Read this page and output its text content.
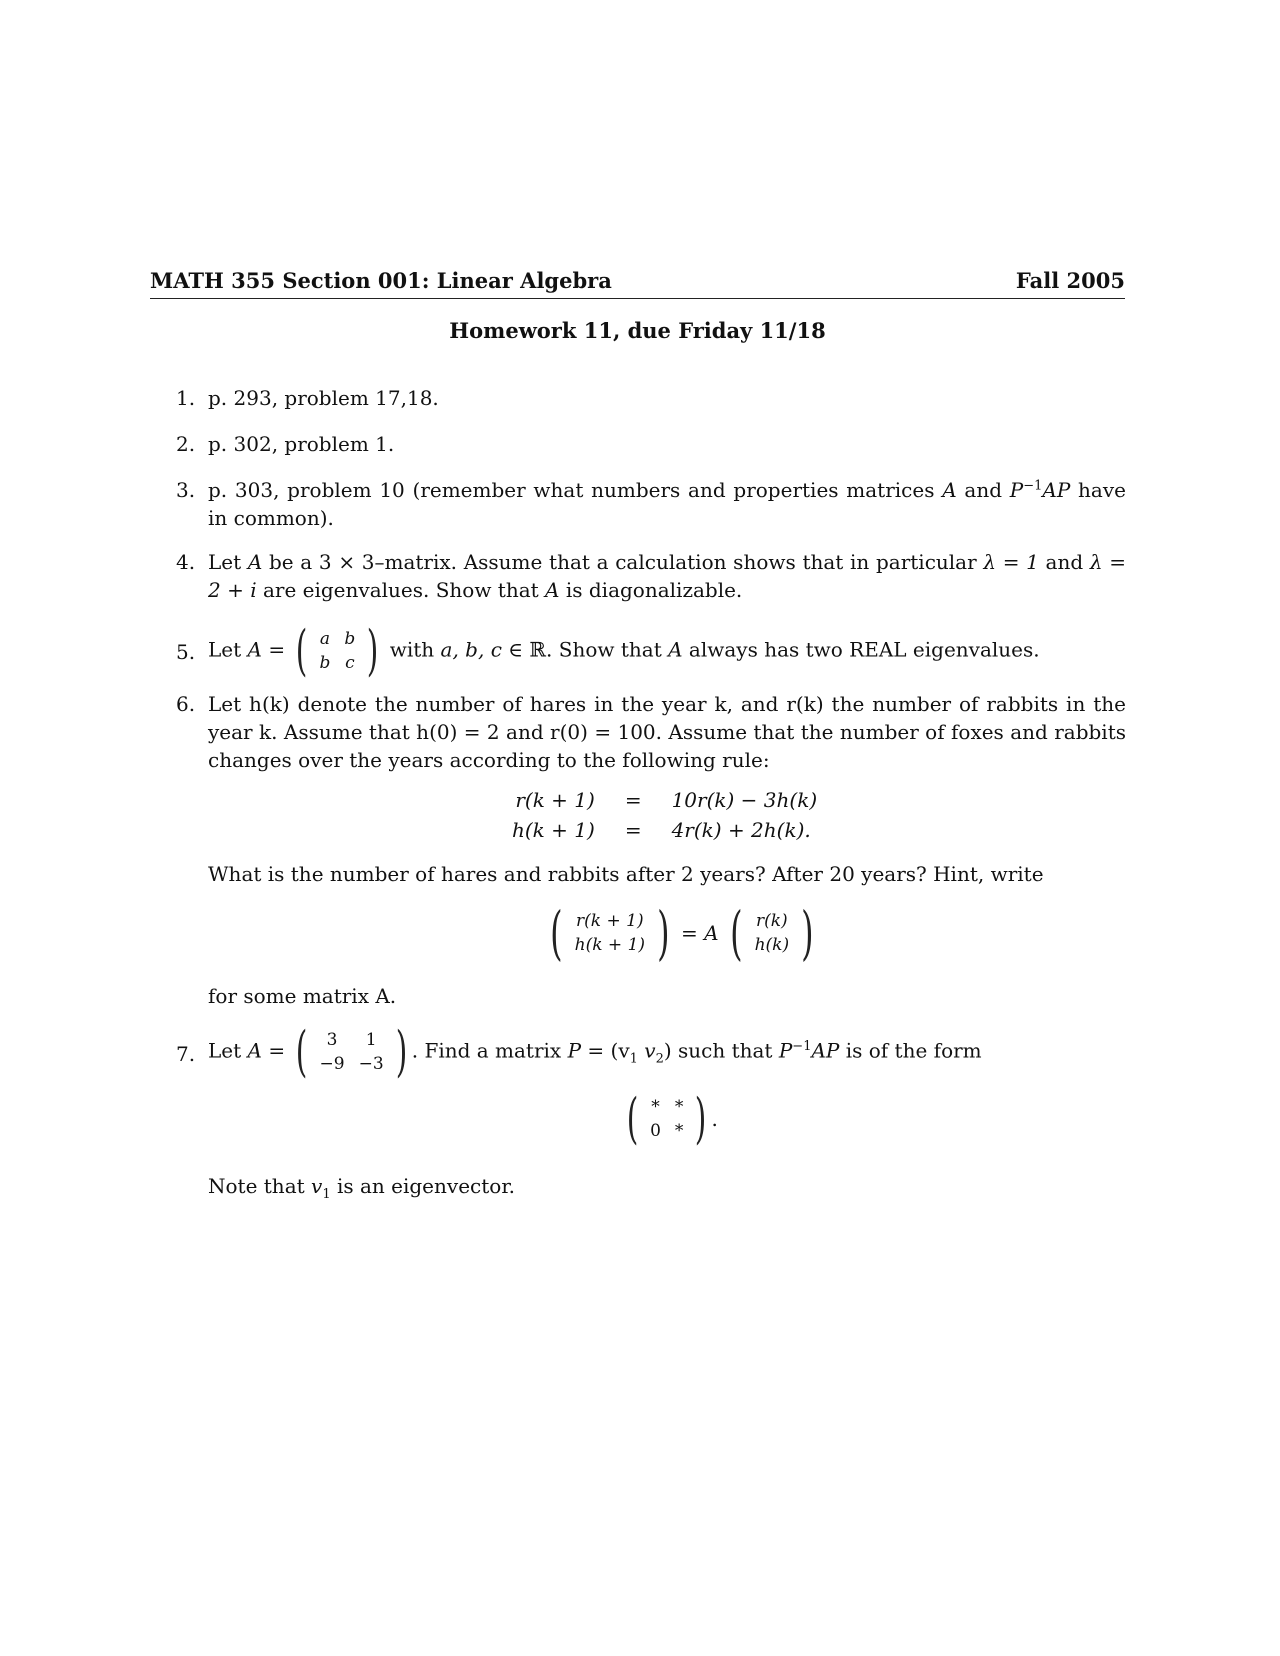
MATH 355 Section 001: Linear Algebra	Fall 2005
Homework 11, due Friday 11/18
1. p. 293, problem 17,18.
2. p. 302, problem 1.
3. p. 303, problem 10 (remember what numbers and properties matrices A and $P^{-1}AP$ have in common).
4. Let A be a 3 × 3–matrix. Assume that a calculation shows that in particular λ = 1 and λ = 2 + i are eigenvalues. Show that A is diagonalizable.
5. Let A = ( a	b
b	c ) with a, b, c ∈ ℝ. Show that A always has two REAL eigenvalues.
6. Let h(k) denote the number of hares in the year k, and r(k) the number of rabbits in the year k. Assume that h(0) = 2 and r(0) = 100. Assume that the number of foxes and rabbits changes over the years according to the following rule:
r(k + 1)	=	10r(k) − 3h(k)
h(k + 1)	=	4r(k) + 2h(k).
What is the number of hares and rabbits after 2 years? After 20 years? Hint, write
( r(k + 1)
h(k + 1) ) = A ( r(k)
h(k) )
for some matrix A.
7. Let A = ( 3	1
−9	−3 ) . Find a matrix $P = (v_1$ $v_2$) such that $P^{-1}AP$ is of the form
( *	*
0	* ) .
Note that $v_1$ is an eigenvector.
